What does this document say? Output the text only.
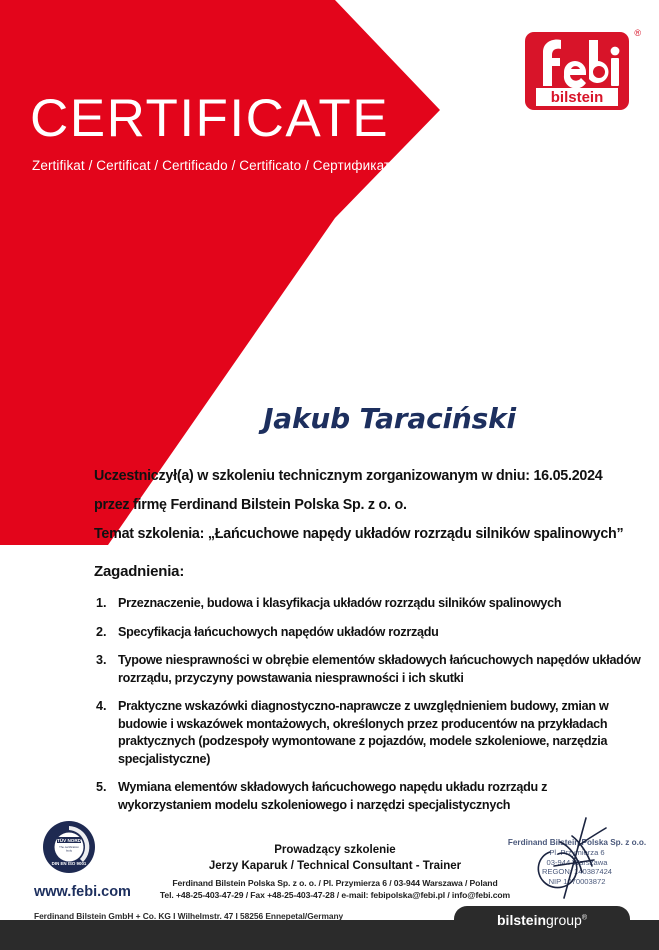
CERTIFICATE
Zertifikat / Certificat / Certificado / Certificato / Сертификат
bilstein
®
Jakub Taraciński
Uczestniczył(a) w szkoleniu technicznym zorganizowanym w dniu: 16.05.2024
przez firmę Ferdinand Bilstein Polska Sp. z o. o.
Temat szkolenia: „Łańcuchowe napędy układów rozrządu silników spalinowych”
Zagadnienia:
1. Przeznaczenie, budowa i klasyfikacja układów rozrządu silników spalinowych
2. Specyfikacja łańcuchowych napędów układów rozrządu
3. Typowe niesprawności w obrębie elementów składowych łańcuchowych napędów układów rozrządu, przyczyny powstawania niesprawności i ich skutki
4. Praktyczne wskazówki diagnostyczno-naprawcze z uwzględnieniem budowy, zmian w budowie i wskazówek montażowych, określonych przez producentów na przykładach praktycznych (podzespoły wymontowane z pojazdów, modele szkoleniowe, narzędzia specjalistyczne)
5. Wymiana elementów składowych łańcuchowego napędu układu rozrządu z wykorzystaniem modelu szkoleniowego i narzędzi specjalistycznych
TÜV NORD
The certification
body
DIN EN ISO 9001
www.febi.com
Prowadzący szkolenie
Jerzy Kaparuk / Technical Consultant - Trainer
Ferdinand Bilstein Polska Sp. z o. o. / Pl. Przymierza 6 / 03-944 Warszawa / Poland
Tel. +48-25-403-47-29 / Fax +48-25-403-47-28 / e-mail: febipolska@febi.pl / info@febi.com
Ferdinand Bilstein Polska Sp. z o.o.
Pl. Przymierza 6
03-944 Warszawa
REGON: 140387424
NIP 1070003872
Ferdinand Bilstein GmbH + Co. KG I Wilhelmstr. 47 I 58256 Ennepetal/Germany	bilsteingroup®
